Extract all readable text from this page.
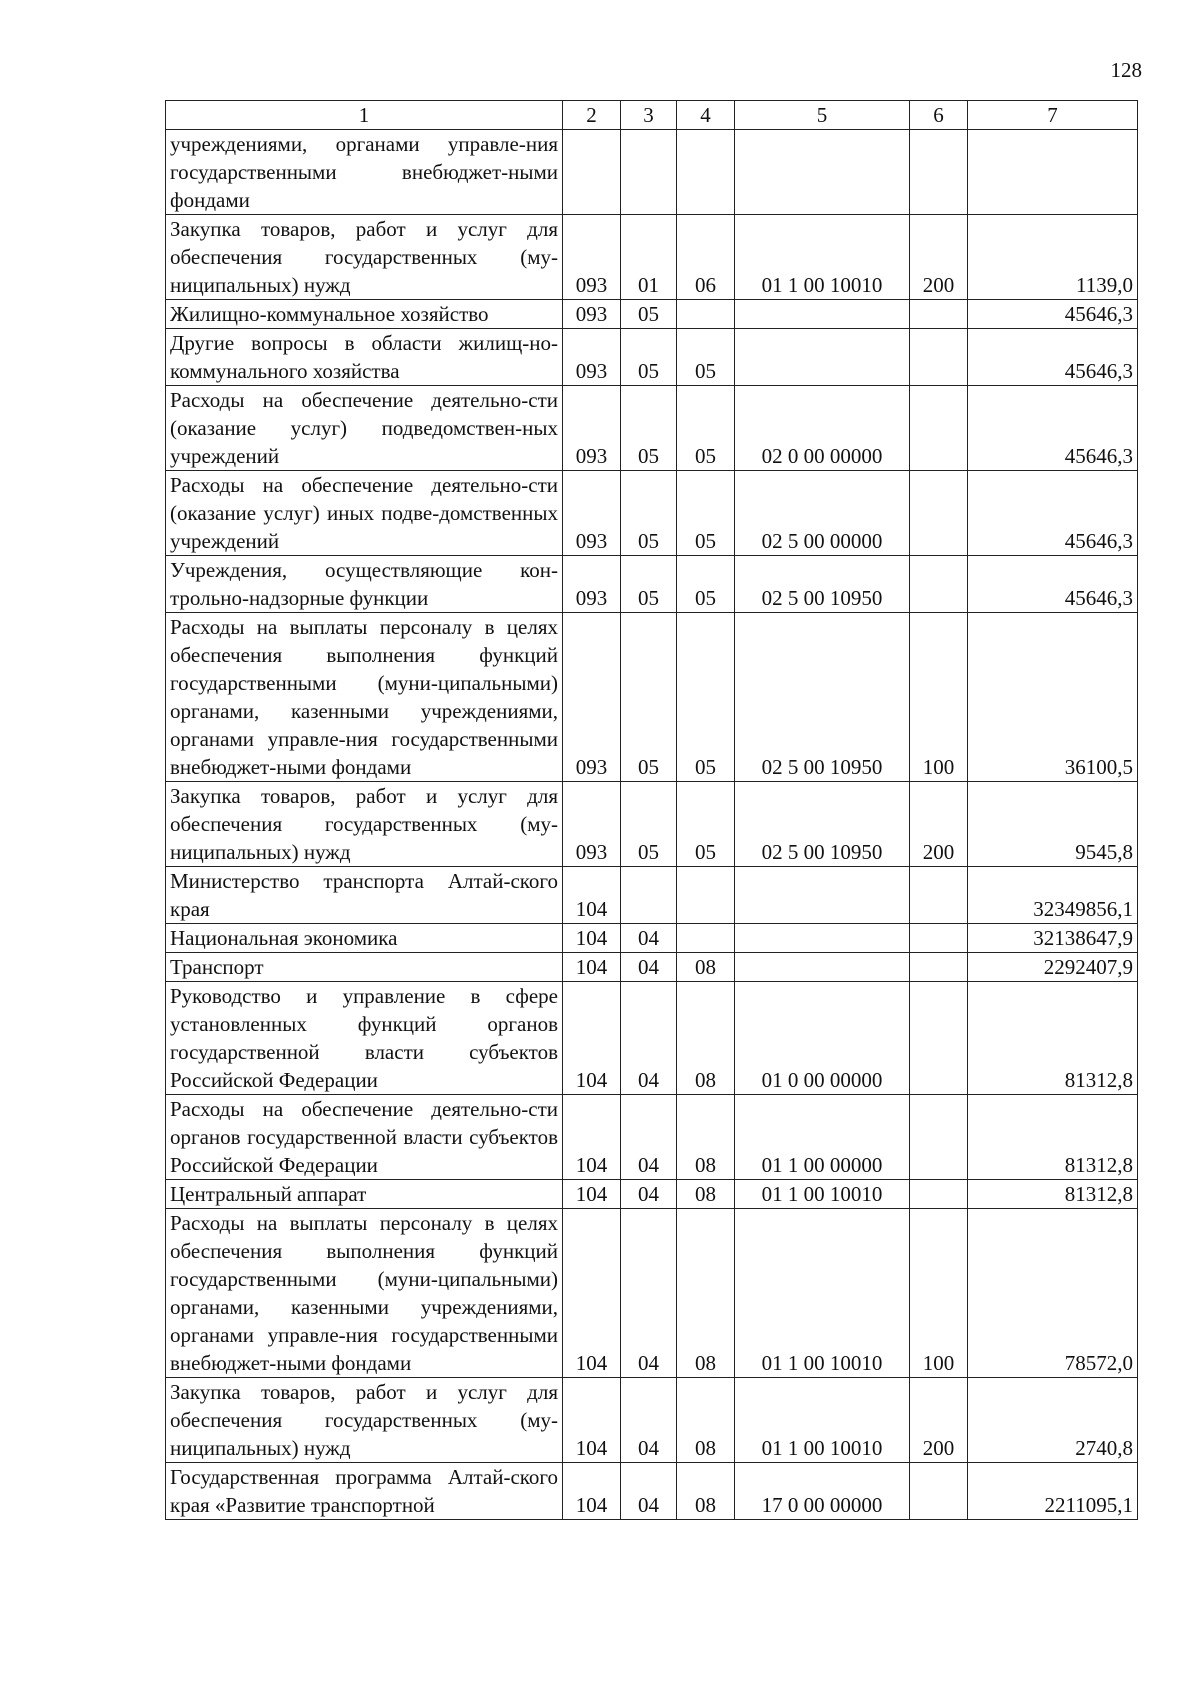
128
1	2	3	4	5	6	7
учреждениями, органами управле-ния государственными внебюджет-ными фондами						
Закупка товаров, работ и услуг для обеспечения государственных (му-ниципальных) нужд	093	01	06	01 1 00 10010	200	1139,0
Жилищно-коммунальное хозяйство	093	05				45646,3
Другие вопросы в области жилищ-но-коммунального хозяйства	093	05	05			45646,3
Расходы на обеспечение деятельно-сти (оказание услуг) подведомствен-ных учреждений	093	05	05	02 0 00 00000		45646,3
Расходы на обеспечение деятельно-сти (оказание услуг) иных подве-домственных учреждений	093	05	05	02 5 00 00000		45646,3
Учреждения, осуществляющие кон-трольно-надзорные функции	093	05	05	02 5 00 10950		45646,3
Расходы на выплаты персоналу в целях обеспечения выполнения функций государственными (муни-ципальными) органами, казенными учреждениями, органами управле-ния государственными внебюджет-ными фондами	093	05	05	02 5 00 10950	100	36100,5
Закупка товаров, работ и услуг для обеспечения государственных (му-ниципальных) нужд	093	05	05	02 5 00 10950	200	9545,8
Министерство транспорта Алтай-ского края	104					32349856,1
Национальная экономика	104	04				32138647,9
Транспорт	104	04	08			2292407,9
Руководство и управление в сфере установленных функций органов государственной власти субъектов Российской Федерации	104	04	08	01 0 00 00000		81312,8
Расходы на обеспечение деятельно-сти органов государственной власти субъектов Российской Федерации	104	04	08	01 1 00 00000		81312,8
Центральный аппарат	104	04	08	01 1 00 10010		81312,8
Расходы на выплаты персоналу в целях обеспечения выполнения функций государственными (муни-ципальными) органами, казенными учреждениями, органами управле-ния государственными внебюджет-ными фондами	104	04	08	01 1 00 10010	100	78572,0
Закупка товаров, работ и услуг для обеспечения государственных (му-ниципальных) нужд	104	04	08	01 1 00 10010	200	2740,8
Государственная программа Алтай-ского края «Развитие транспортной	104	04	08	17 0 00 00000		2211095,1
